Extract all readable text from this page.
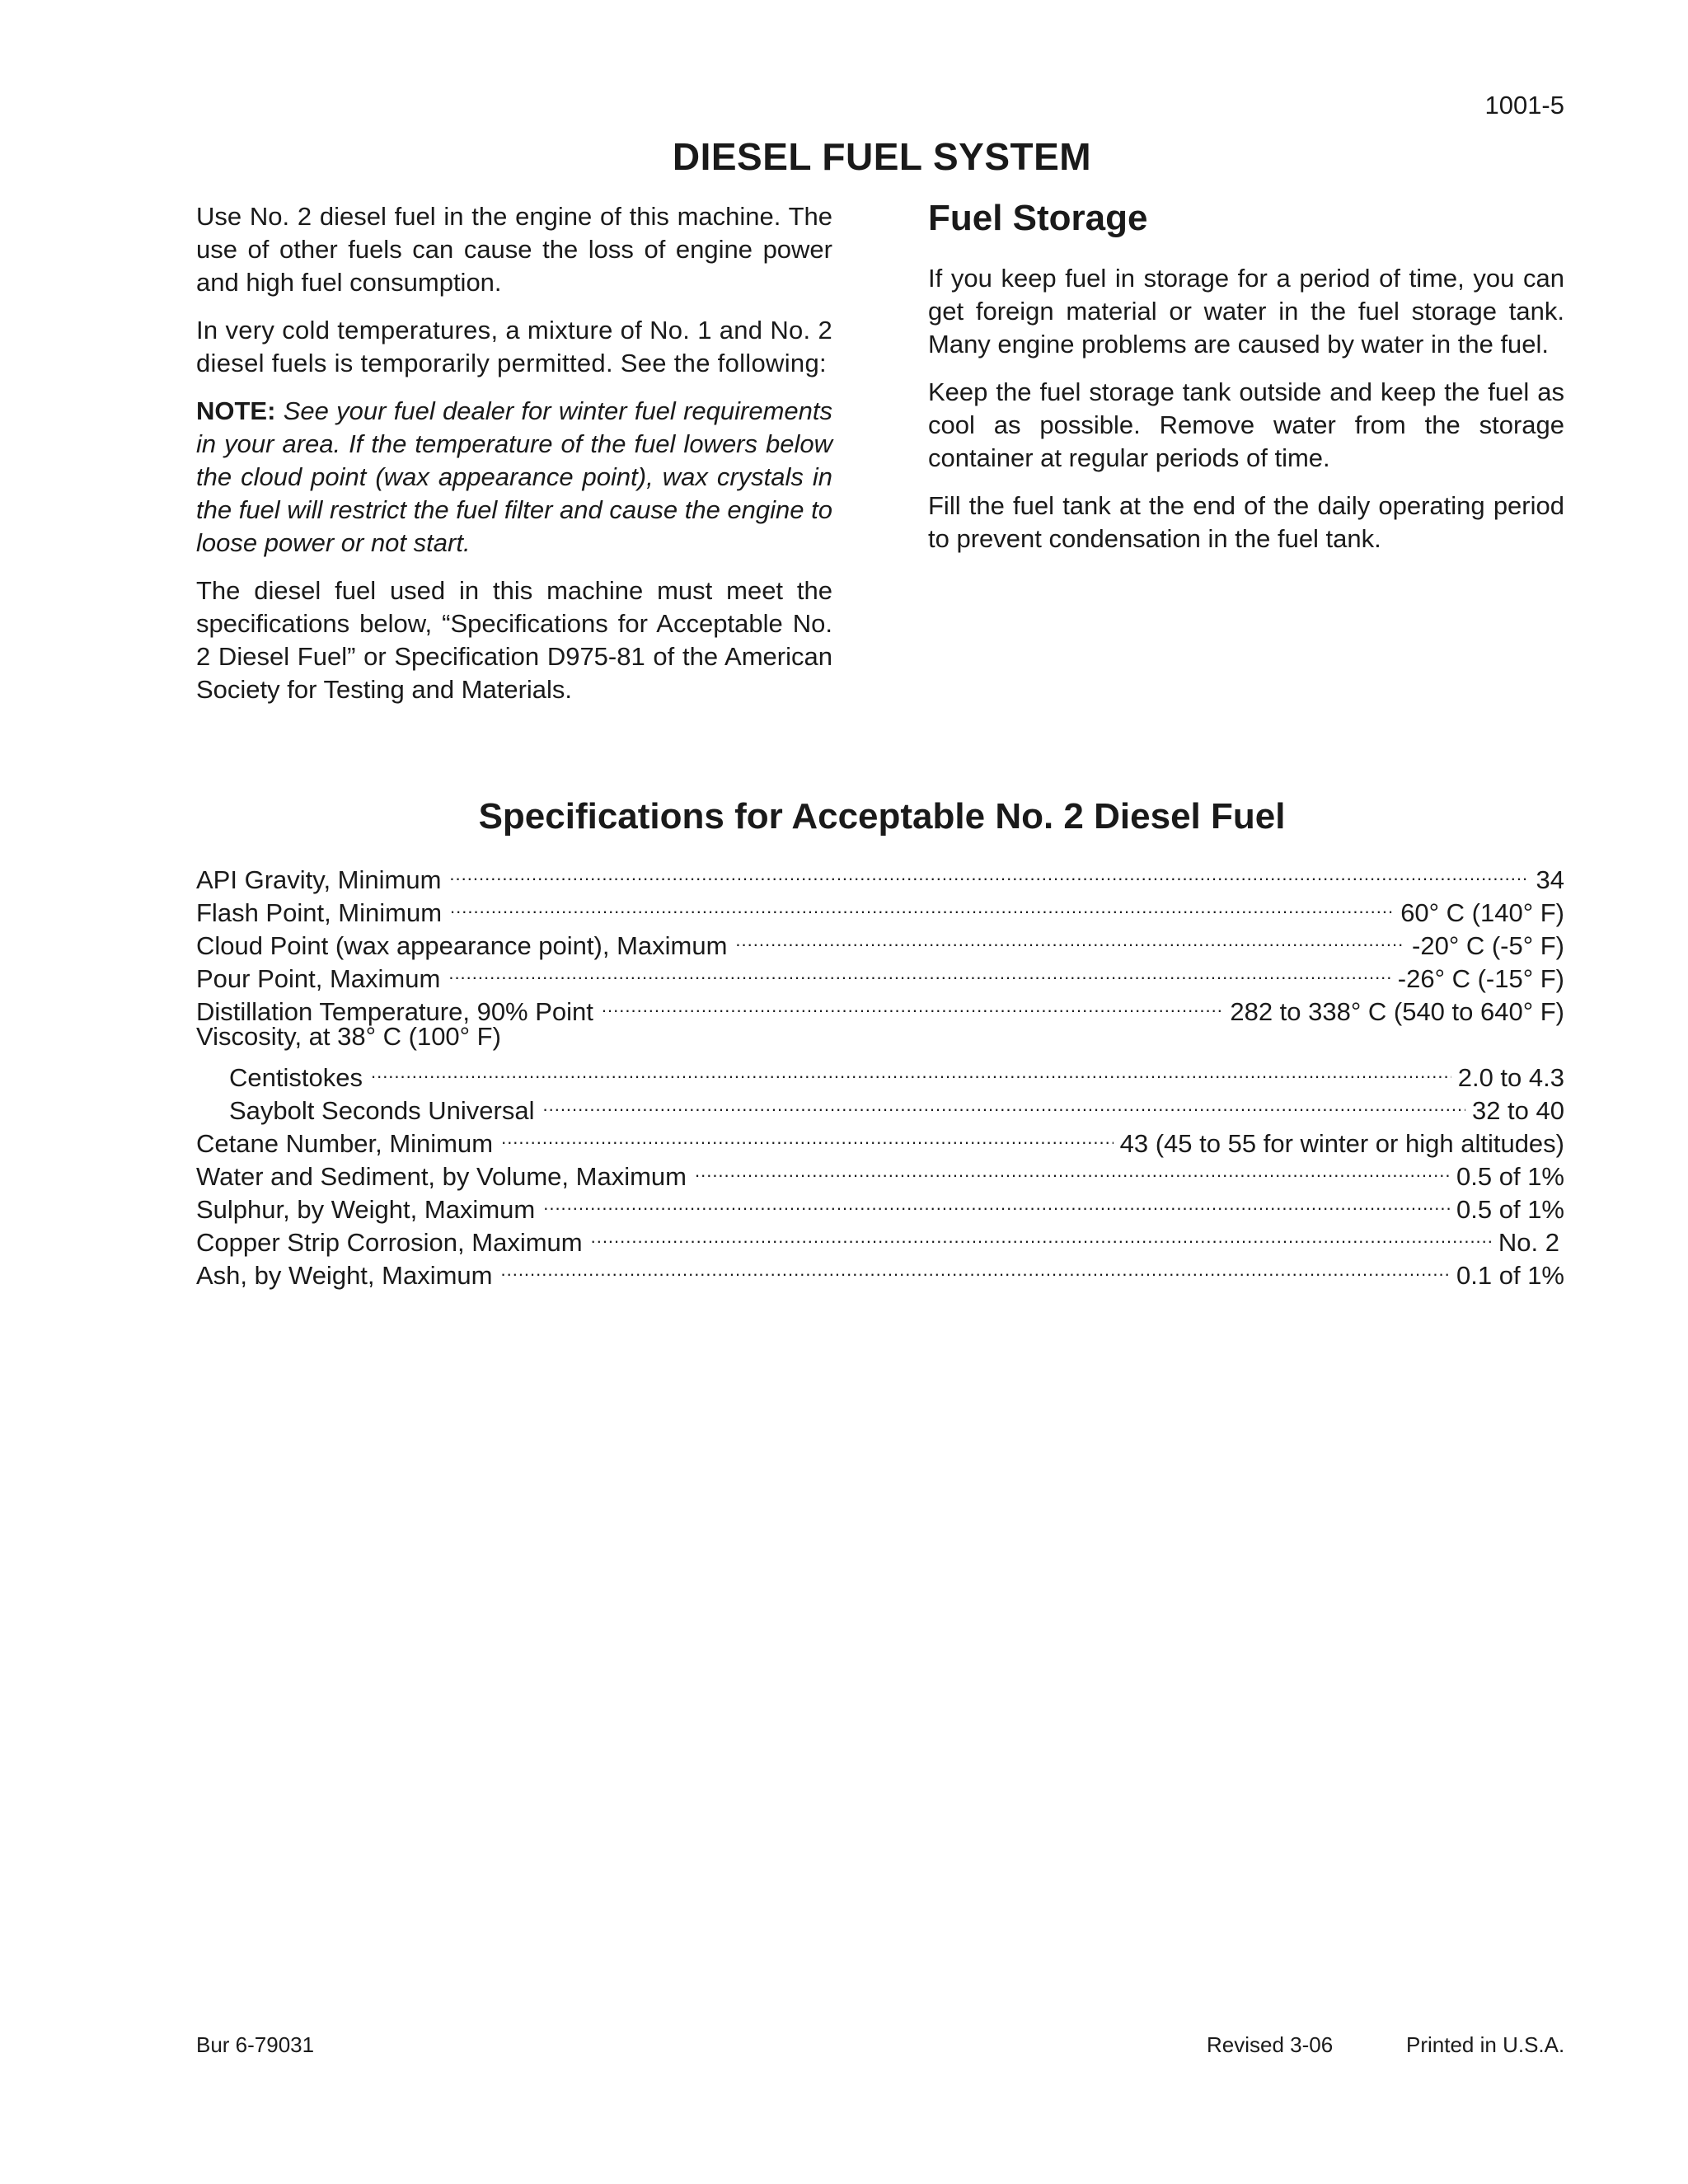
1001-5
DIESEL FUEL SYSTEM

Use No. 2 diesel fuel in the engine of this machine. The use of other fuels can cause the loss of engine power and high fuel consumption.

In very cold temperatures, a mixture of No. 1 and No. 2 diesel fuels is temporarily permitted. See the following:

NOTE: See your fuel dealer for winter fuel requirements in your area. If the temperature of the fuel lowers below the cloud point (wax appearance point), wax crystals in the fuel will restrict the fuel filter and cause the engine to loose power or not start.

The diesel fuel used in this machine must meet the specifications below, “Specifications for Acceptable No. 2 Diesel Fuel” or Specification D975-81 of the American Society for Testing and Materials.

Fuel Storage

If you keep fuel in storage for a period of time, you can get foreign material or water in the fuel storage tank. Many engine problems are caused by water in the fuel.

Keep the fuel storage tank outside and keep the fuel as cool as possible. Remove water from the storage container at regular periods of time.

Fill the fuel tank at the end of the daily operating period to prevent condensation in the fuel tank.

Specifications for Acceptable No. 2 Diesel Fuel
API Gravity, Minimum .....	34
Flash Point, Minimum .....	60° C (140° F)
Cloud Point (wax appearance point), Maximum .....	-20° C (-5° F)
Pour Point, Maximum .....	-26° C (-15° F)
Distillation Temperature, 90% Point .....	282 to 338° C (540 to 640° F)
Viscosity, at 38° C (100° F)
Centistokes .....	2.0 to 4.3
Saybolt Seconds Universal .....	32 to 40
Cetane Number, Minimum .....	43 (45 to 55 for winter or high altitudes)
Water and Sediment, by Volume, Maximum .....	0.5 of 1%
Sulphur, by Weight, Maximum .....	0.5 of 1%
Copper Strip Corrosion, Maximum .....	No. 2
Ash, by Weight, Maximum .....	0.1 of 1%
Bur 6-79031	Revised 3-06	Printed in U.S.A.
